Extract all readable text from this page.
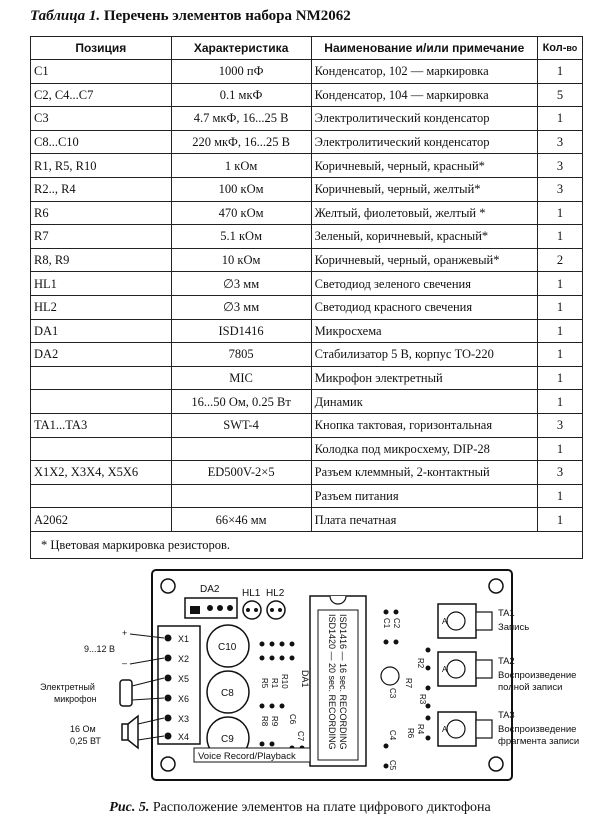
Таблица 1. Перечень элементов набора NM2062
Позиция	Характеристика	Наименование и/или примечание	Кол-во
C1	1000 пФ	Конденсатор, 102 — маркировка	1
C2, C4...C7	0.1 мкФ	Конденсатор, 104 — маркировка	5
C3	4.7 мкФ, 16...25 В	Электролитический конденсатор	1
C8...C10	220 мкФ, 16...25 В	Электролитический конденсатор	3
R1, R5, R10	1 кОм	Коричневый, черный, красный*	3
R2.., R4	100 кОм	Коричневый, черный, желтый*	3
R6	470 кОм	Желтый, фиолетовый, желтый *	1
R7	5.1 кОм	Зеленый, коричневый, красный*	1
R8, R9	10 кОм	Коричневый, черный, оранжевый*	2
HL1	∅3 мм	Светодиод зеленого свечения	1
HL2	∅3 мм	Светодиод красного свечения	1
DA1	ISD1416	Микросхема	1
DA2	7805	Стабилизатор 5 В, корпус TO-220	1
	MIC	Микрофон электретный	1
	16...50 Ом, 0.25 Вт	Динамик	1
TA1...TA3	SWT-4	Кнопка тактовая, горизонтальная	3
		Колодка под микросхему, DIP-28	1
X1X2, X3X4, X5X6	ED500V-2×5	Разъем клеммный, 2-контактный	3
		Разъем питания	1
A2062	66×46 мм	Плата печатная	1
* Цветовая маркировка резисторов.			
DA2 HL1 HL2
X1
X2
X5
X6
X3
X4
C10
C8
C9
R5 R1 R10
R9
R8 C6
C7	ISD1416 — 16 sec. RECORDING
ISD1420 — 20 sec. RECORDING
DA1
C1 C2
R2
R7
R3
C3
R4
R6
C4
C5
A
A
A
Voice Record/Playback
+
9...12 В
–
Электретный
микрофон
16 Ом
0,25 ВТ
TA1
Запись
TA2
Воспроизведение
полной записи
TA3
Воспроизведение
фрагмента записи
Рис. 5. Расположение элементов на плате цифрового диктофона
